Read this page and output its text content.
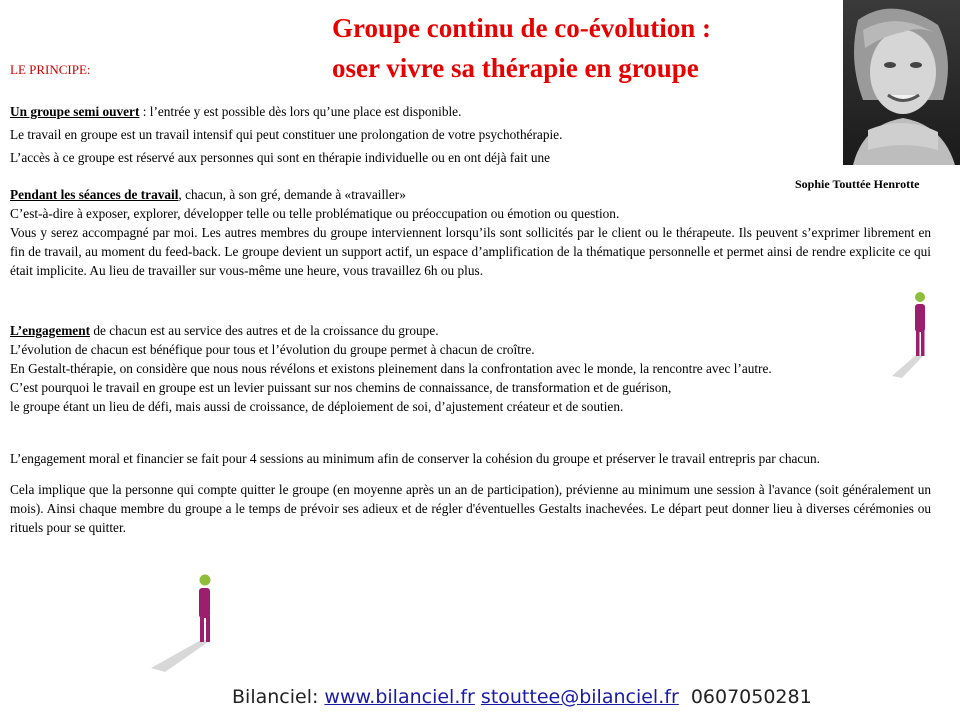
Groupe continu de co-évolution :
oser vivre sa thérapie en groupe
LE PRINCIPE:
Sophie Touttée Henrotte

Un groupe semi ouvert : l’entrée y est possible dès lors qu’une place est disponible.

Le travail en groupe est un travail intensif qui peut constituer une prolongation de votre psychothérapie.

L’accès à ce groupe est réservé aux personnes qui sont en thérapie individuelle ou en ont déjà fait une

Pendant les séances de travail, chacun, à son gré, demande à «travailler»

C’est-à-dire à exposer, explorer, développer telle ou telle problématique ou préoccupation ou émotion ou question.

Vous y serez accompagné par moi. Les autres membres du groupe interviennent lorsqu’ils sont sollicités par le client ou le thérapeute. Ils peuvent s’exprimer librement en fin de travail, au moment du feed-back. Le groupe devient un support actif, un espace d’amplification de la thématique personnelle et permet ainsi de rendre explicite ce qui était implicite. Au lieu de travailler sur vous-même une heure, vous travaillez 6h ou plus.

L’engagement de chacun est au service des autres et de la croissance du groupe.

L’évolution de chacun est bénéfique pour tous et l’évolution du groupe permet à chacun de croître.

En Gestalt-thérapie, on considère que nous nous révélons et existons pleinement dans la confrontation avec le monde, la rencontre avec l’autre.

C’est pourquoi le travail en groupe est un levier puissant sur nos chemins de connaissance, de transformation et de guérison,

le groupe étant un lieu de défi, mais aussi de croissance, de déploiement de soi, d’ajustement créateur et de soutien.

L’engagement moral et financier se fait pour 4 sessions au minimum afin de conserver la cohésion du groupe et préserver le travail entrepris par chacun.

Cela implique que la personne qui compte quitter le groupe (en moyenne après un an de participation), prévienne au minimum une session à l'avance (soit généralement un mois). Ainsi chaque membre du groupe a le temps de prévoir ses adieux et de régler d'éventuelles Gestalts inachevées. Le départ peut donner lieu à diverses cérémonies ou rituels pour se quitter.

Bilanciel: www.bilanciel.fr stouttee@bilanciel.fr 0607050281
